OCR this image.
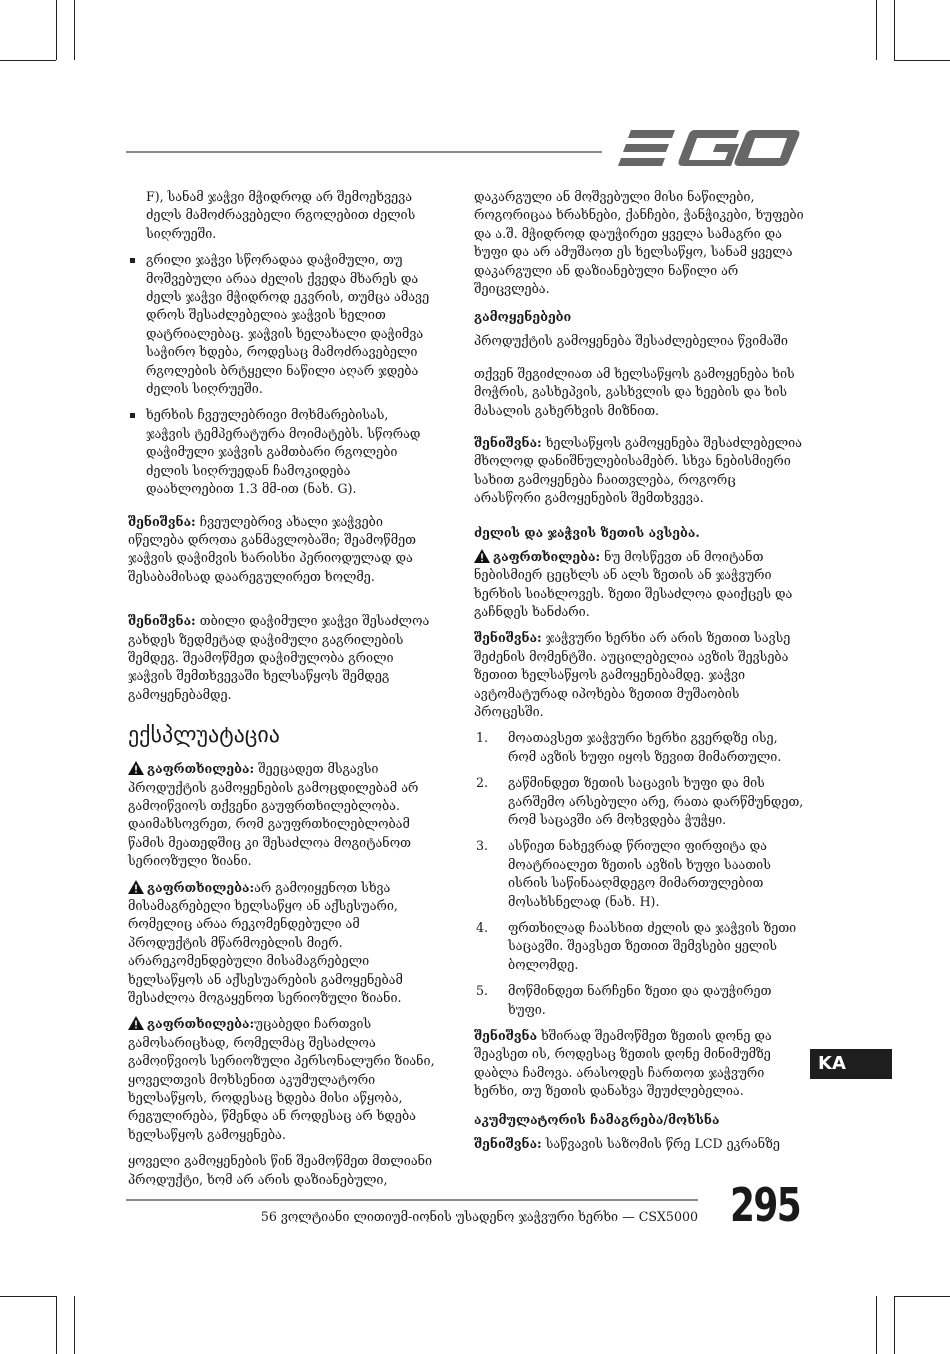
F), სანამ ჯაჭვი მჭიდროდ არ შემოეხვევა ძელს მამოძრავებელი რგოლებით ძელის სიღრუეში.

გრილი ჯაჭვი სწორადაა დაჭიმული, თუ მოშვებული არაა ძელის ქვედა მხარეს და ძელს ჯაჭვი მჭიდროდ ეკვრის, თუმცა ამავე დროს შესაძლებელია ჯაჭვის ხელით დატრიალებაც. ჯაჭვის ხელახალი დაჭიმვა საჭირო ხდება, როდესაც მამოძრავებელი რგოლების ბრტყელი ნაწილი აღარ ჯდება ძელის სიღრუეში.
ხერხის ჩვეულებრივი მოხმარებისას, ჯაჭვის ტემპერატურა მოიმატებს. სწორად დაჭიმული ჯაჭვის გამთბარი რგოლები ძელის სიღრუედან ჩამოკიდება დაახლოებით 1.3 მმ-ით (ნახ. G).

შენიშვნა: ჩვეულებრივ ახალი ჯაჭვები იწელება დროთა განმავლობაში; შეამოწმეთ ჯაჭვის დაჭიმვის ხარისხი პერიოდულად და შესაბამისად დაარეგულირეთ ხოლმე.

შენიშვნა: თბილი დაჭიმული ჯაჭვი შესაძლოა გახდეს ზედმეტად დაჭიმული გაგრილების შემდეგ. შეამოწმეთ დაჭიმულობა გრილი ჯაჭვის შემთხვევაში ხელსაწყოს შემდეგ გამოყენებამდე.

ექსპლუატაცია

გაფრთხილება: შეეცადეთ მსგავსი პროდუქტის გამოყენების გამოცდილებამ არ გამოიწვიოს თქვენი გაუფრთხილებლობა. დაიმახსოვრეთ, რომ გაუფრთხილებლობამ წამის მეათედშიც კი შესაძლოა მოგიტანოთ სერიოზული ზიანი.

გაფრთხილება:არ გამოიყენოთ სხვა მისამაგრებელი ხელსაწყო ან აქსესუარი, რომელიც არაა რეკომენდებული ამ პროდუქტის მწარმოებლის მიერ. არარეკომენდებული მისამაგრებელი ხელსაწყოს ან აქსესუარების გამოყენებამ შესაძლოა მოგაყენოთ სერიოზული ზიანი.

გაფრთხილება:უცაბედი ჩართვის გამოსარიცხად, რომელმაც შესაძლოა გამოიწვიოს სერიოზული პერსონალური ზიანი, ყოველთვის მოხსენით აკუმულატორი ხელსაწყოს, როდესაც ხდება მისი აწყობა, რეგულირება, წმენდა ან როდესაც არ ხდება ხელსაწყოს გამოყენება.

ყოველი გამოყენების წინ შეამოწმეთ მთლიანი პროდუქტი, ხომ არ არის დაზიანებული,

დაკარგული ან მოშვებული მისი ნაწილები, როგორიცაა ხრახნები, ქანჩები, ჭანჭიკები, ხუფები და ა.შ. მჭიდროდ დაუჭირეთ ყველა სამაგრი და ხუფი და არ ამუშაოთ ეს ხელსაწყო, სანამ ყველა დაკარგული ან დაზიანებული ნაწილი არ შეიცვლება.

გამოყენებები

პროდუქტის გამოყენება შესაძლებელია წვიმაში

თქვენ შეგიძლიათ ამ ხელსაწყოს გამოყენება ხის მოჭრის, გასხეპვის, გასხვლის და ხეების და ხის მასალის გახერხვის მიზნით.

შენიშვნა: ხელსაწყოს გამოყენება შესაძლებელია მხოლოდ დანიშნულებისამებრ. სხვა ნებისმიერი სახით გამოყენება ჩაითვლება, როგორც არასწორი გამოყენების შემთხვევა.

ძელის და ჯაჭვის ზეთის ავსება.

გაფრთხილება: ნუ მოსწევთ ან მოიტანთ ნებისმიერ ცეცხლს ან ალს ზეთის ან ჯაჭვური ხერხის სიახლოვეს. ზეთი შესაძლოა დაიქცეს და გაჩნდეს ხანძარი.

შენიშვნა: ჯაჭვური ხერხი არ არის ზეთით სავსე შეძენის მომენტში. აუცილებელია ავზის შევსება ზეთით ხელსაწყოს გამოყენებამდე. ჯაჭვი ავტომატურად იპოხება ზეთით მუშაობის პროცესში.

1. მოათავსეთ ჯაჭვური ხერხი გვერდზე ისე, რომ ავზის ხუფი იყოს ზევით მიმართული.
2. გაწმინდეთ ზეთის საცავის ხუფი და მის გარშემო არსებული არე, რათა დარწმუნდეთ, რომ საცავში არ მოხვდება ჭუჭყი.
3. ასწიეთ ნახევრად წრიული ფირფიტა და მოატრიალეთ ზეთის ავზის ხუფი საათის ისრის საწინააღმდეგო მიმართულებით მოსახსნელად (ნახ. H).
4. ფრთხილად ჩაასხით ძელის და ჯაჭვის ზეთი საცავში. შეავსეთ ზეთით შემვსები ყელის ბოლომდე.
5. მოწმინდეთ ნარჩენი ზეთი და დაუჭირეთ ხუფი.

შენიშვნა ხშირად შეამოწმეთ ზეთის დონე და შეავსეთ ის, როდესაც ზეთის დონე მინიმუმზე დაბლა ჩამოვა. არასოდეს ჩართოთ ჯაჭვური ხერხი, თუ ზეთის დანახვა შეუძლებელია.

აკუმულატორის ჩამაგრება/მოხსნა

შენიშვნა: საწვავის საზომის წრე LCD ეკრანზე

KA
56 ვოლტიანი ლითიუმ-იონის უსადენო ჯაჭვური ხერხი — CSX5000 295
